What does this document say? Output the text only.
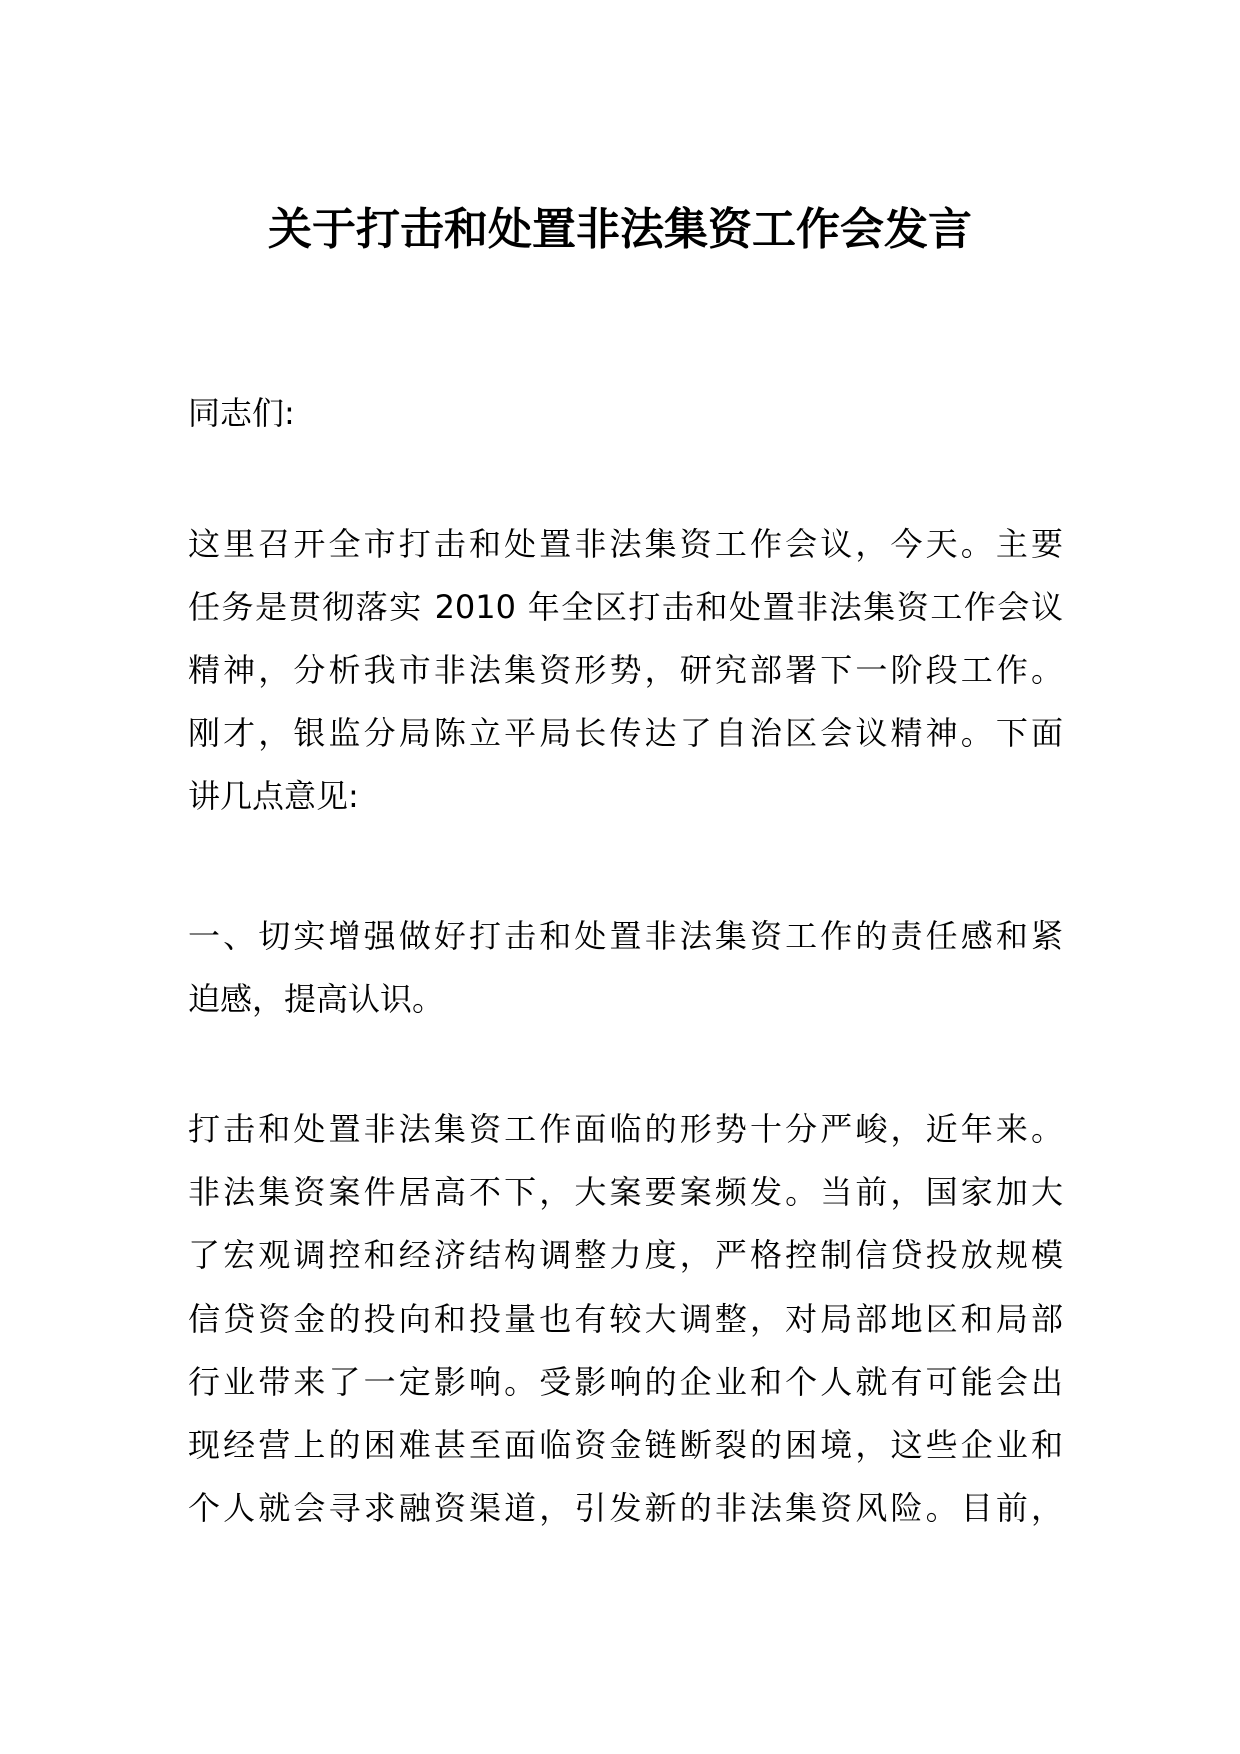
关于打击和处置非法集资工作会发言
同志们:
这里召开全市打击和处置非法集资工作会议，今天。主要
任务是贯彻落实 2010 年全区打击和处置非法集资工作会议
精神，分析我市非法集资形势，研究部署下一阶段工作。
刚才，银监分局陈立平局长传达了自治区会议精神。下面
讲几点意见:
一、切实增强做好打击和处置非法集资工作的责任感和紧
迫感，提高认识。
打击和处置非法集资工作面临的形势十分严峻，近年来。
非法集资案件居高不下，大案要案频发。当前，国家加大
了宏观调控和经济结构调整力度，严格控制信贷投放规模
信贷资金的投向和投量也有较大调整，对局部地区和局部
行业带来了一定影响。受影响的企业和个人就有可能会出
现经营上的困难甚至面临资金链断裂的困境，这些企业和
个人就会寻求融资渠道，引发新的非法集资风险。目前，
